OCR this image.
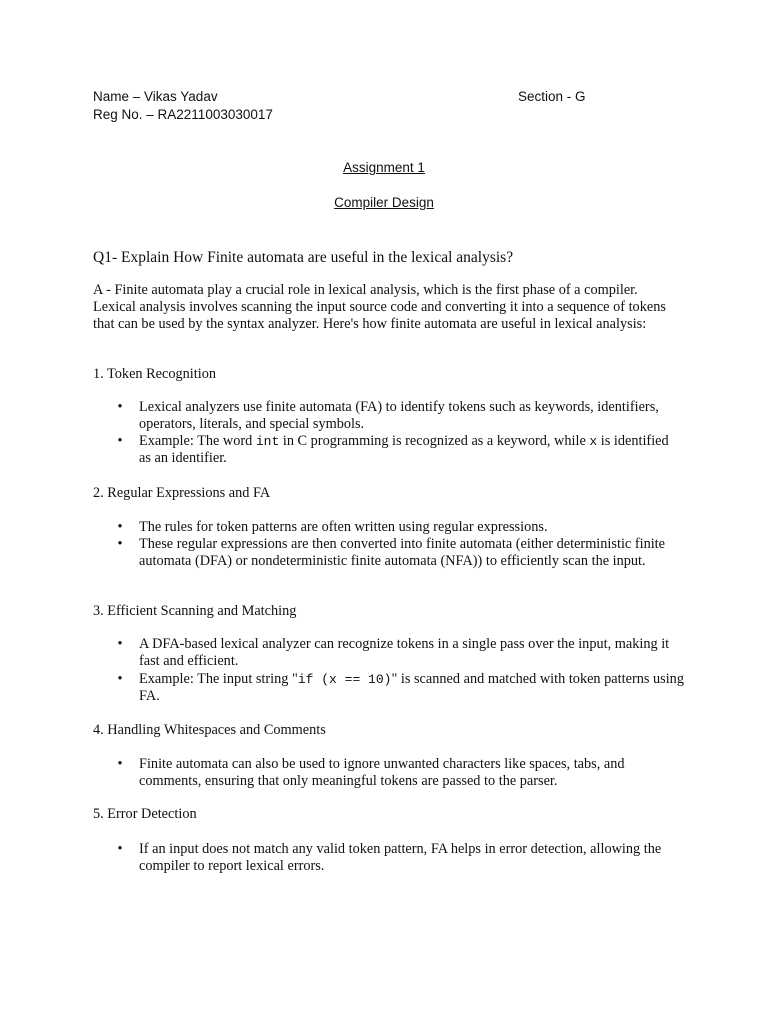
Name – Vikas Yadav	Section - G
Reg No. – RA2211003030017
Assignment 1
Compiler Design
Q1- Explain How Finite automata are useful in the lexical analysis?
A - Finite automata play a crucial role in lexical analysis, which is the first phase of a compiler. Lexical analysis involves scanning the input source code and converting it into a sequence of tokens that can be used by the syntax analyzer. Here's how finite automata are useful in lexical analysis:
1. Token Recognition
• Lexical analyzers use finite automata (FA) to identify tokens such as keywords, identifiers, operators, literals, and special symbols.
• Example: The word int in C programming is recognized as a keyword, while x is identified as an identifier.
2. Regular Expressions and FA
• The rules for token patterns are often written using regular expressions.
• These regular expressions are then converted into finite automata (either deterministic finite automata (DFA) or nondeterministic finite automata (NFA)) to efficiently scan the input.
3. Efficient Scanning and Matching
• A DFA-based lexical analyzer can recognize tokens in a single pass over the input, making it fast and efficient.
• Example: The input string "if (x == 10)" is scanned and matched with token patterns using FA.
4. Handling Whitespaces and Comments
• Finite automata can also be used to ignore unwanted characters like spaces, tabs, and comments, ensuring that only meaningful tokens are passed to the parser.
5. Error Detection
• If an input does not match any valid token pattern, FA helps in error detection, allowing the compiler to report lexical errors.
